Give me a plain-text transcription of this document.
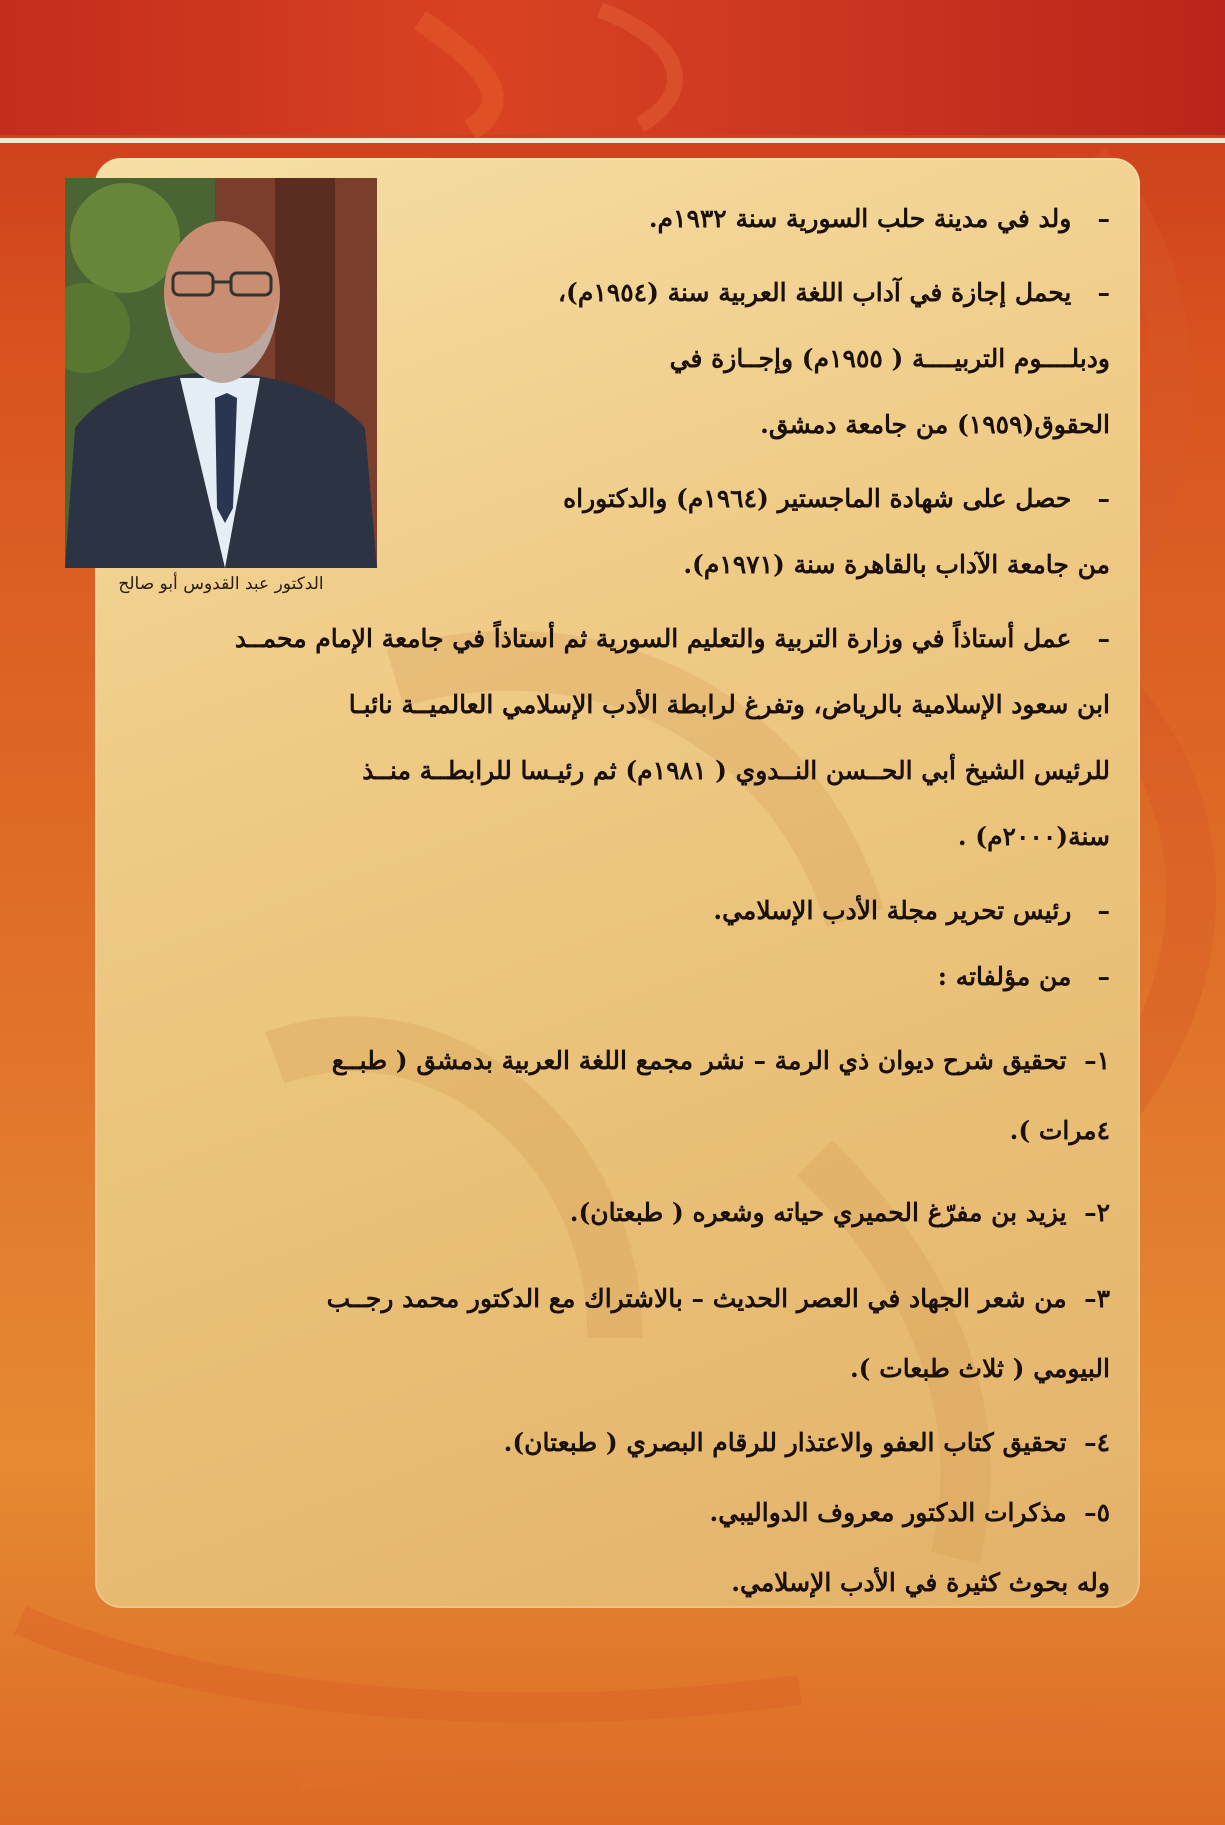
الدكتور عبد القدوس أبو صالح
–   ولد في مدينة حلب السورية سنة ١٩٣٢م.
–   يحمل إجازة في آداب اللغة العربية سنة (١٩٥٤م)،
ودبلــــوم التربيــــة ( ١٩٥٥م) وإجــازة في
الحقوق(١٩٥٩) من جامعة دمشق.
–   حصل على شهادة الماجستير (١٩٦٤م) والدكتوراه
من جامعة الآداب بالقاهرة سنة (١٩٧١م).
–   عمل أستاذاً في وزارة التربية والتعليم السورية ثم أستاذاً في جامعة الإمام محمــد
ابن سعود الإسلامية بالرياض، وتفرغ لرابطة الأدب الإسلامي العالميــة نائبـا
للرئيس الشيخ أبي الحــسن النــدوي ( ١٩٨١م) ثم رئيـسا للرابطــة منــذ
سنة(٢٠٠٠م) .
–   رئيس تحرير مجلة الأدب الإسلامي.
–   من مؤلفاته :
١–  تحقيق شرح ديوان ذي الرمة – نشر مجمع اللغة العربية بدمشق ( طبــع
٤مرات ).
٢–  يزيد بن مفرّغ الحميري حياته وشعره ( طبعتان).
٣–  من شعر الجهاد في العصر الحديث – بالاشتراك مع الدكتور محمد رجــب
البيومي ( ثلاث طبعات ).
٤–  تحقيق كتاب العفو والاعتذار للرقام البصري ( طبعتان).
٥–  مذكرات الدكتور معروف الدواليبي.
وله بحوث كثيرة في الأدب الإسلامي.
